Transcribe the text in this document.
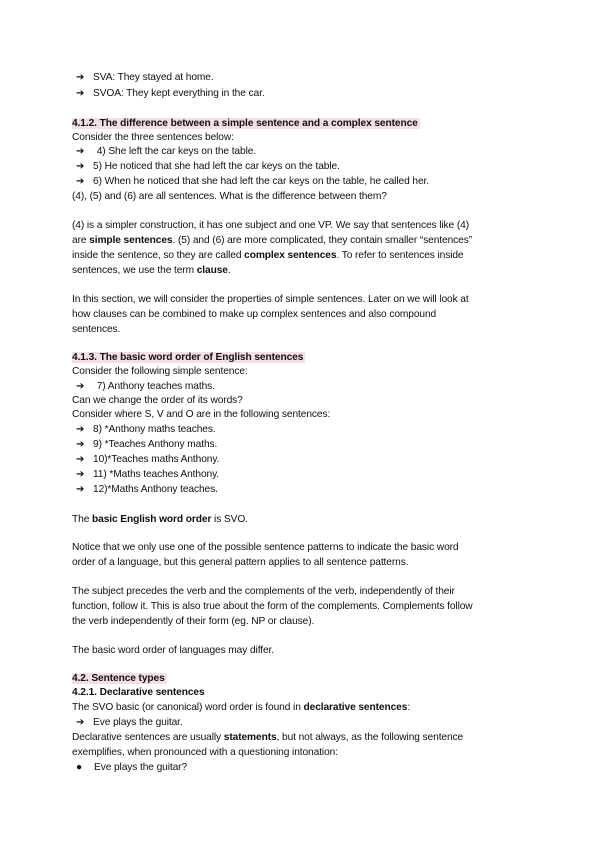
➔ SVA: They stayed at home.
➔ SVOA: They kept everything in the car.
4.1.2. The difference between a simple sentence and a complex sentence
Consider the three sentences below:
➔ 4) She left the car keys on the table.
➔ 5) He noticed that she had left the car keys on the table.
➔ 6) When he noticed that she had left the car keys on the table, he called her.
(4), (5) and (6) are all sentences. What is the difference between them?
(4) is a simpler construction, it has one subject and one VP. We say that sentences like (4)
are simple sentences. (5) and (6) are more complicated, they contain smaller “sentences”
inside the sentence, so they are called complex sentences. To refer to sentences inside
sentences, we use the term clause.
In this section, we will consider the properties of simple sentences. Later on we will look at
how clauses can be combined to make up complex sentences and also compound
sentences.
4.1.3. The basic word order of English sentences
Consider the following simple sentence:
➔ 7) Anthony teaches maths.
Can we change the order of its words?
Consider where S, V and O are in the following sentences:
➔ 8) *Anthony maths teaches.
➔ 9) *Teaches Anthony maths.
➔ 10)*Teaches maths Anthony.
➔ 11) *Maths teaches Anthony.
➔ 12)*Maths Anthony teaches.
The basic English word order is SVO.
Notice that we only use one of the possible sentence patterns to indicate the basic word
order of a language, but this general pattern applies to all sentence patterns.
The subject precedes the verb and the complements of the verb, independently of their
function, follow it. This is also true about the form of the complements. Complements follow
the verb independently of their form (eg. NP or clause).
The basic word order of languages may differ.
4.2. Sentence types
4.2.1. Declarative sentences
The SVO basic (or canonical) word order is found in declarative sentences:
➔ Eve plays the guitar.
Declarative sentences are usually statements, but not always, as the following sentence
exemplifies, when pronounced with a questioning intonation:
● Eve plays the guitar?
